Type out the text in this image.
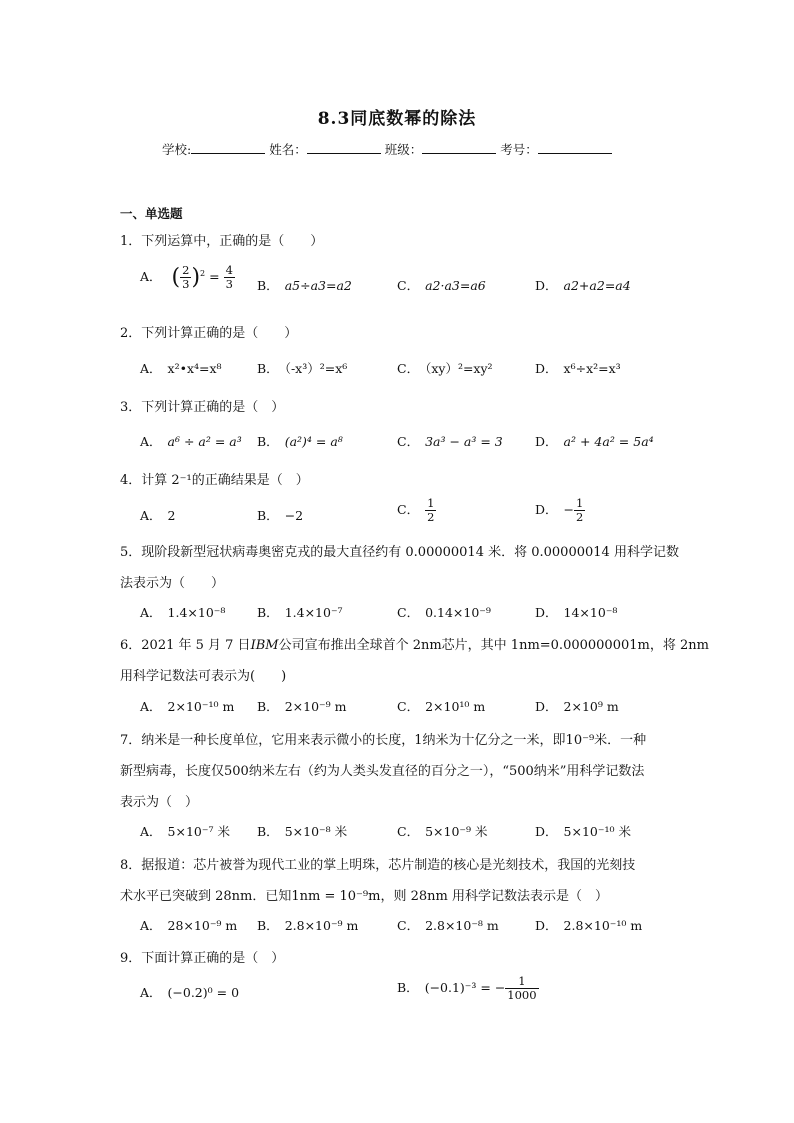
8.3同底数幂的除法
学校:	姓名：	班级：	考号：
一、单选题
1．下列运算中，正确的是（　　）
A． ( $\frac{2}{3} )^2 = \frac{4}{3}$ B． a5÷a3=a2	C． a2·a3=a6	D． a2+a2=a4
2．下列计算正确的是（　　）
A． x²•x⁴=x⁸	B． （-x³）²=x⁶	C． （xy）²=xy²	D． x⁶÷x²=x³
3．下列计算正确的是（　）
A． a⁶ ÷ a² = a³ B． (a²)⁴ = a⁸	C． 3a³ − a³ = 3	D． a² + 4a² = 5a⁴
4．计算 2⁻¹的正确结果是（　）
A． 2	B． −2	C． $\frac{1}{2}$	D． − $\frac{1}{2}$
5．现阶段新型冠状病毒奥密克戎的最大直径约有 0.00000014 米．将 0.00000014 用科学记数
法表示为（　　）
A． 1.4×10⁻⁸	B． 1.4×10⁻⁷	C． 0.14×10⁻⁹	D． 14×10⁻⁸
6．2021 年 5 月 7 日IBM公司宣布推出全球首个 2nm芯片，其中 1nm=0.000000001m，将 2nm
用科学记数法可表示为(　　)
A． 2×10⁻¹⁰ m B． 2×10⁻⁹ m	C． 2×10¹⁰ m	D． 2×10⁹ m
7．纳米是一种长度单位，它用来表示微小的长度，1纳米为十亿分之一米，即10⁻⁹米．一种
新型病毒，长度仅500纳米左右（约为人类头发直径的百分之一），“500纳米”用科学记数法
表示为（　）
A． 5×10⁻⁷ 米 B． 5×10⁻⁸ 米	C． 5×10⁻⁹ 米	D． 5×10⁻¹⁰ 米
8．据报道：芯片被誉为现代工业的掌上明珠，芯片制造的核心是光刻技术，我国的光刻技
术水平已突破到 28nm．已知1nm = 10⁻⁹m，则 28nm 用科学记数法表示是（　）
A． 28×10⁻⁹ m B． 2.8×10⁻⁹ m	C． 2.8×10⁻⁸ m	D． 2.8×10⁻¹⁰ m
9．下面计算正确的是（　）
A． (−0.2)⁰ = 0	B． (−0.1)⁻³ = − $\frac{1}{1000}$
